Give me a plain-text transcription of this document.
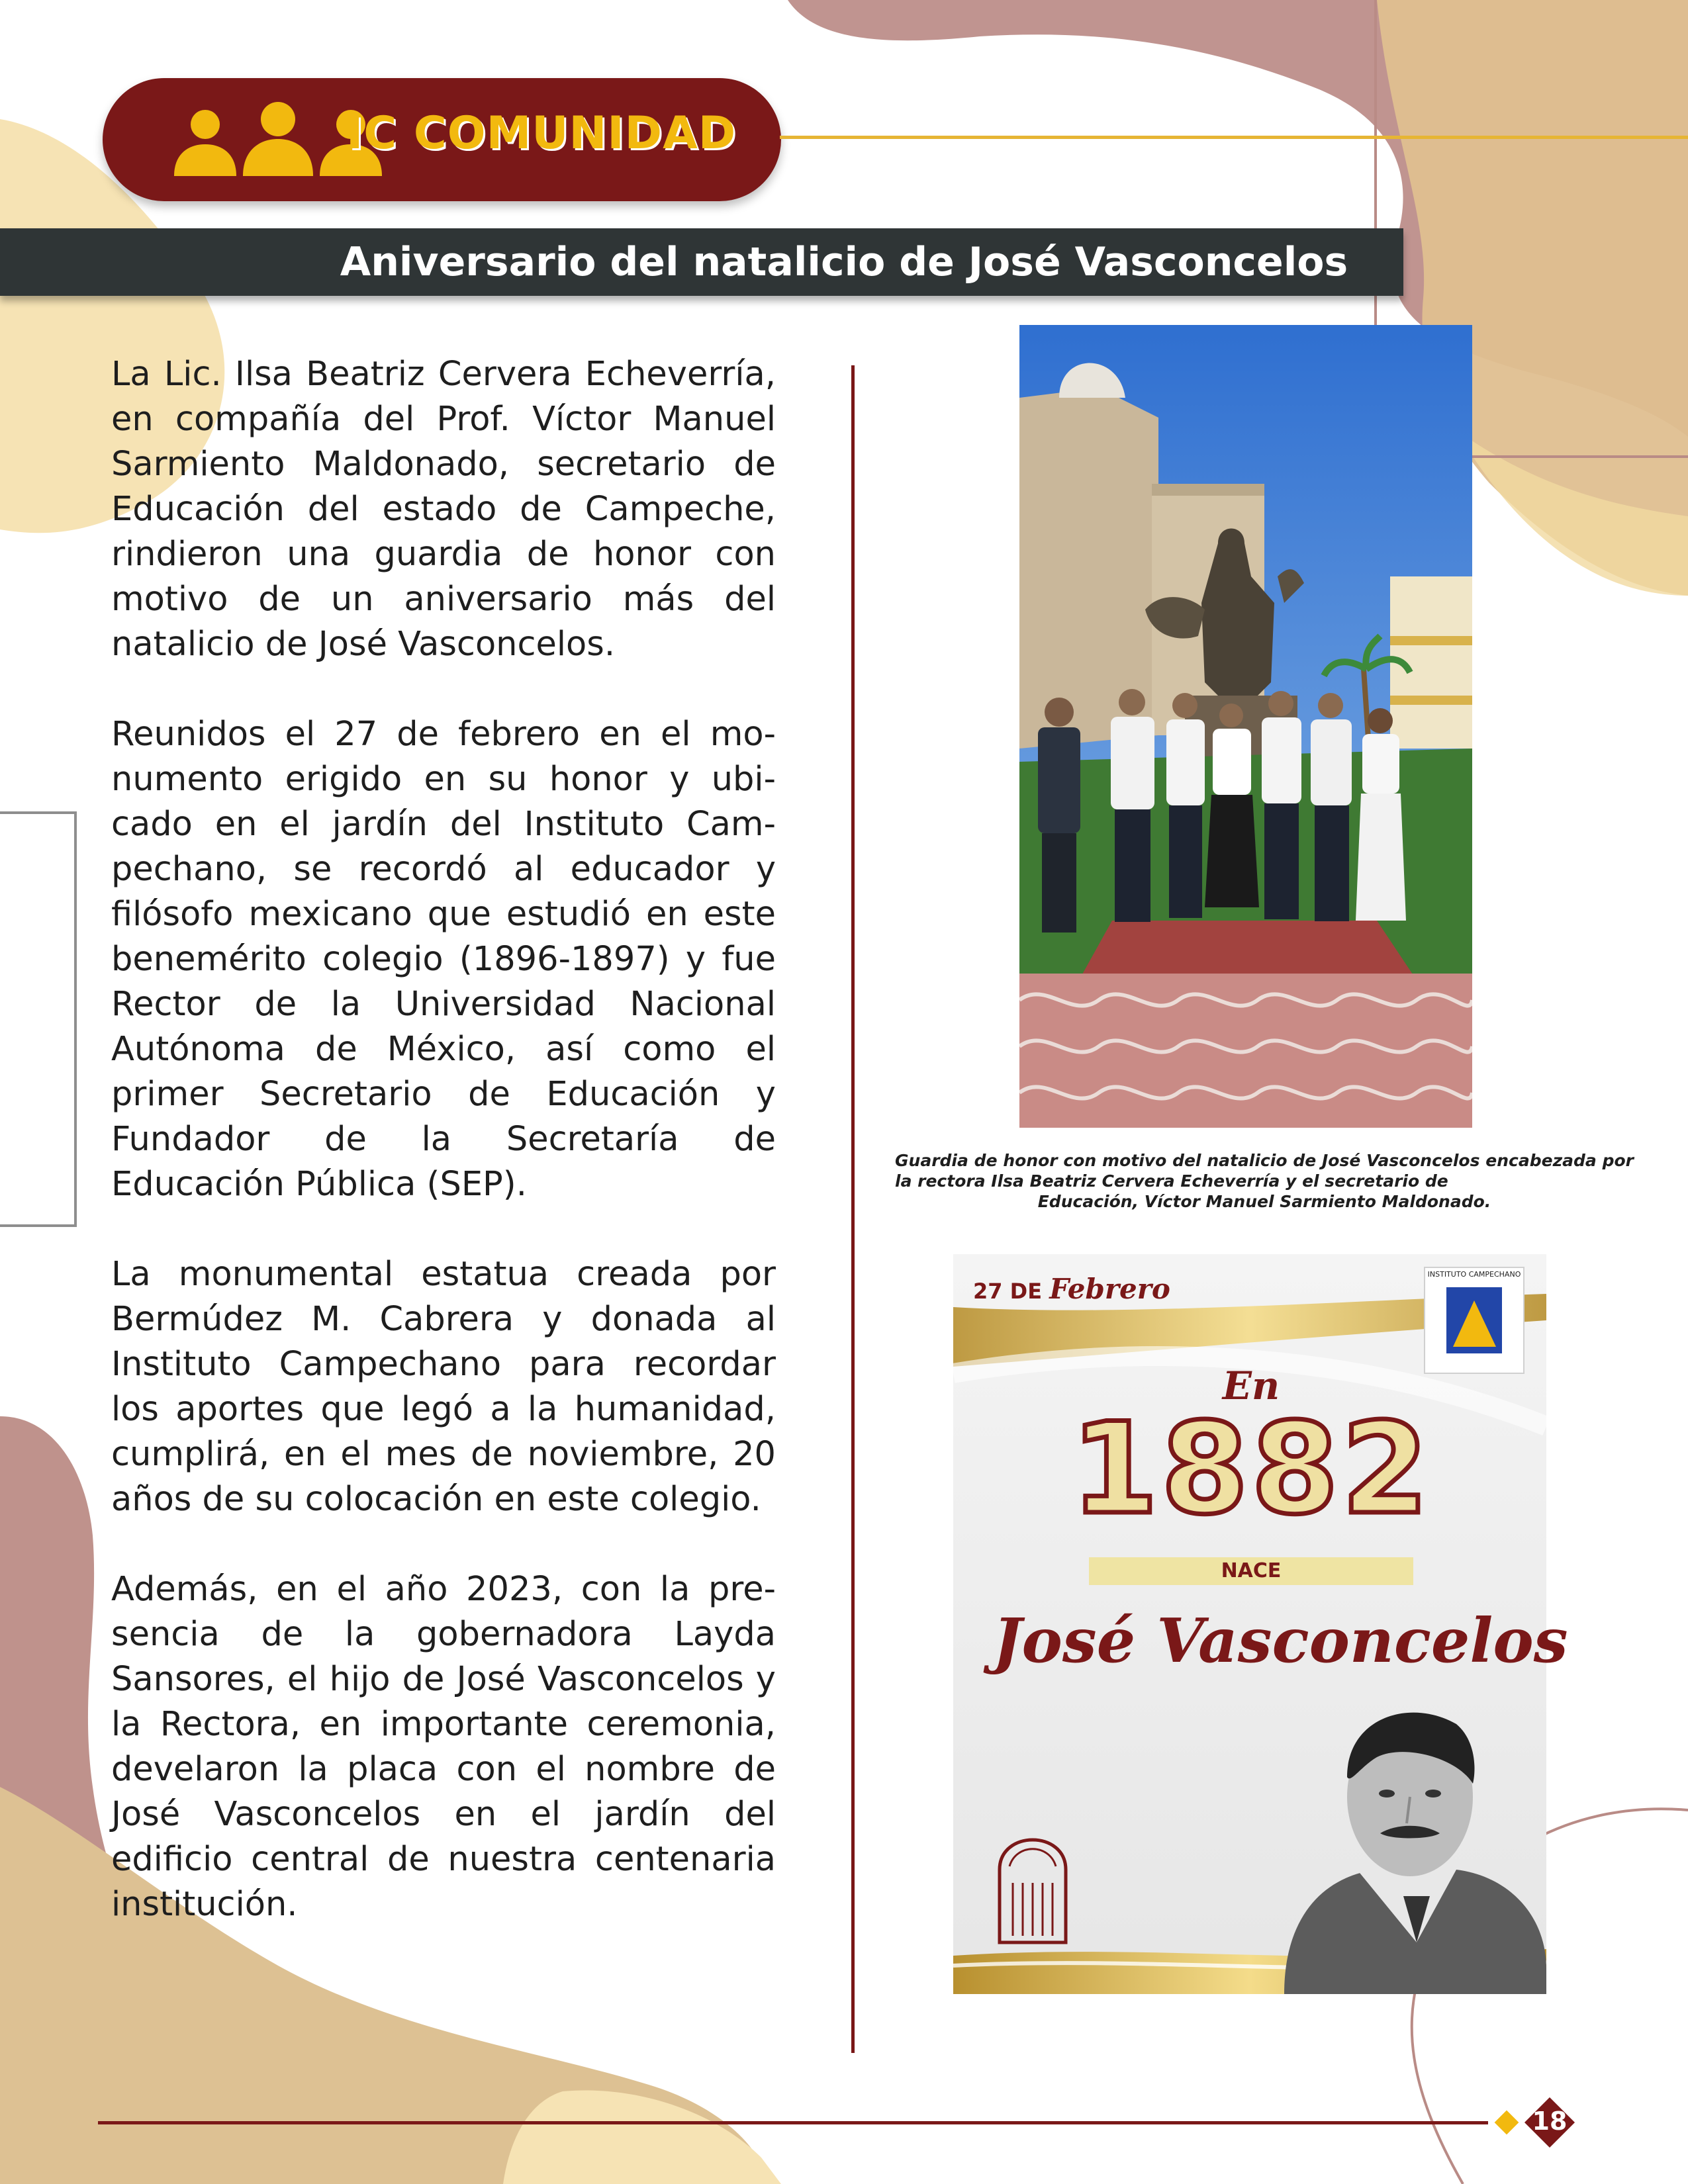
IC COMUNIDAD
Aniversario del natalicio de José Vasconcelos

La Lic. Ilsa Beatriz Cervera Echeverría, en compañía del Prof. Víctor Manuel Sarmiento Maldonado, secretario de Educación del estado de Campeche, rindieron una guardia de honor con motivo de un aniversario más del natalicio de José Vasconcelos.

Reunidos el 27 de febrero en el monumento erigido en su honor y ubicado en el jardín del Instituto Campechano, se recordó al educador y filósofo mexicano que estudió en este benemérito colegio (1896-1897) y fue Rector de la Universidad Nacional Autónoma de México, así como el primer Secretario de Educación y Fundador de la Secretaría de Educación Pública (SEP).

La monumental estatua creada por Bermúdez M. Cabrera y donada al Instituto Campechano para recordar los aportes que legó a la humanidad, cumplirá, en el mes de noviembre, 20 años de su colocación en este colegio.

Además, en el año 2023, con la presencia de la gobernadora Layda Sansores, el hijo de José Vasconcelos y la Rectora, en importante ceremonia, develaron la placa con el nombre de José Vasconcelos en el jardín del edificio central de nuestra centenaria institución.

Guardia de honor con motivo del natalicio de José Vasconcelos encabezada por la rectora Ilsa Beatriz Cervera Echeverría y el secretario de
Educación, Víctor Manuel Sarmiento Maldonado.
27 DE Febrero	INSTITUTO CAMPECHANO
En
1882
NACE
José Vasconcelos
18
